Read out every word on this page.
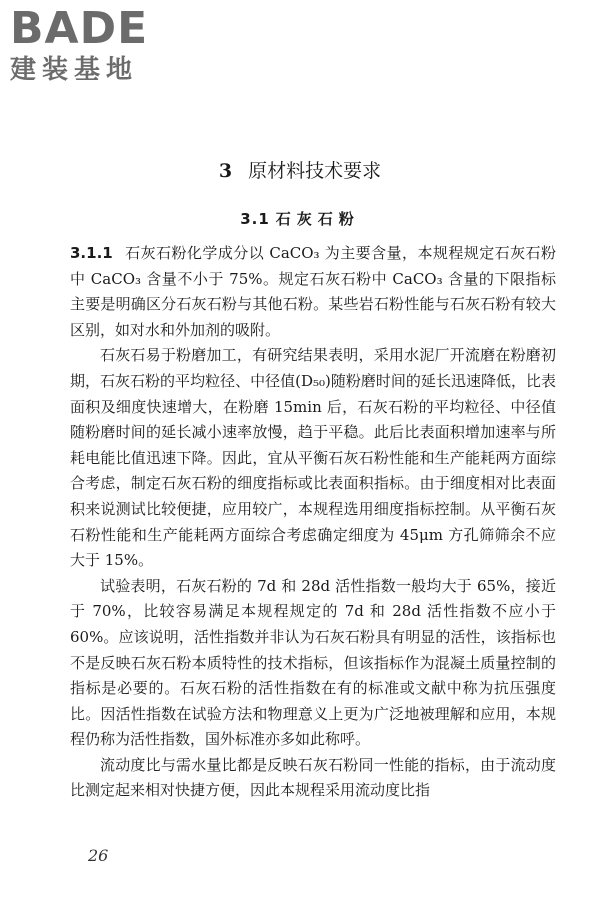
BADE
建装基地
3 原材料技术要求
3.1 石灰石粉

3.1.1 石灰石粉化学成分以 CaCO₃ 为主要含量，本规程规定石灰石粉中 CaCO₃ 含量不小于 75%。规定石灰石粉中 CaCO₃ 含量的下限指标主要是明确区分石灰石粉与其他石粉。某些岩石粉性能与石灰石粉有较大区别，如对水和外加剂的吸附。

石灰石易于粉磨加工，有研究结果表明，采用水泥厂开流磨在粉磨初期，石灰石粉的平均粒径、中径值(D₅₀)随粉磨时间的延长迅速降低，比表面积及细度快速增大，在粉磨 15min 后，石灰石粉的平均粒径、中径值随粉磨时间的延长减小速率放慢，趋于平稳。此后比表面积增加速率与所耗电能比值迅速下降。因此，宜从平衡石灰石粉性能和生产能耗两方面综合考虑，制定石灰石粉的细度指标或比表面积指标。由于细度相对比表面积来说测试比较便捷，应用较广，本规程选用细度指标控制。从平衡石灰石粉性能和生产能耗两方面综合考虑确定细度为 45μm 方孔筛筛余不应大于 15%。

试验表明，石灰石粉的 7d 和 28d 活性指数一般均大于 65%，接近于 70%，比较容易满足本规程规定的 7d 和 28d 活性指数不应小于 60%。应该说明，活性指数并非认为石灰石粉具有明显的活性，该指标也不是反映石灰石粉本质特性的技术指标，但该指标作为混凝土质量控制的指标是必要的。石灰石粉的活性指数在有的标准或文献中称为抗压强度比。因活性指数在试验方法和物理意义上更为广泛地被理解和应用，本规程仍称为活性指数，国外标准亦多如此称呼。

流动度比与需水量比都是反映石灰石粉同一性能的指标，由于流动度比测定起来相对快捷方便，因此本规程采用流动度比指

26
